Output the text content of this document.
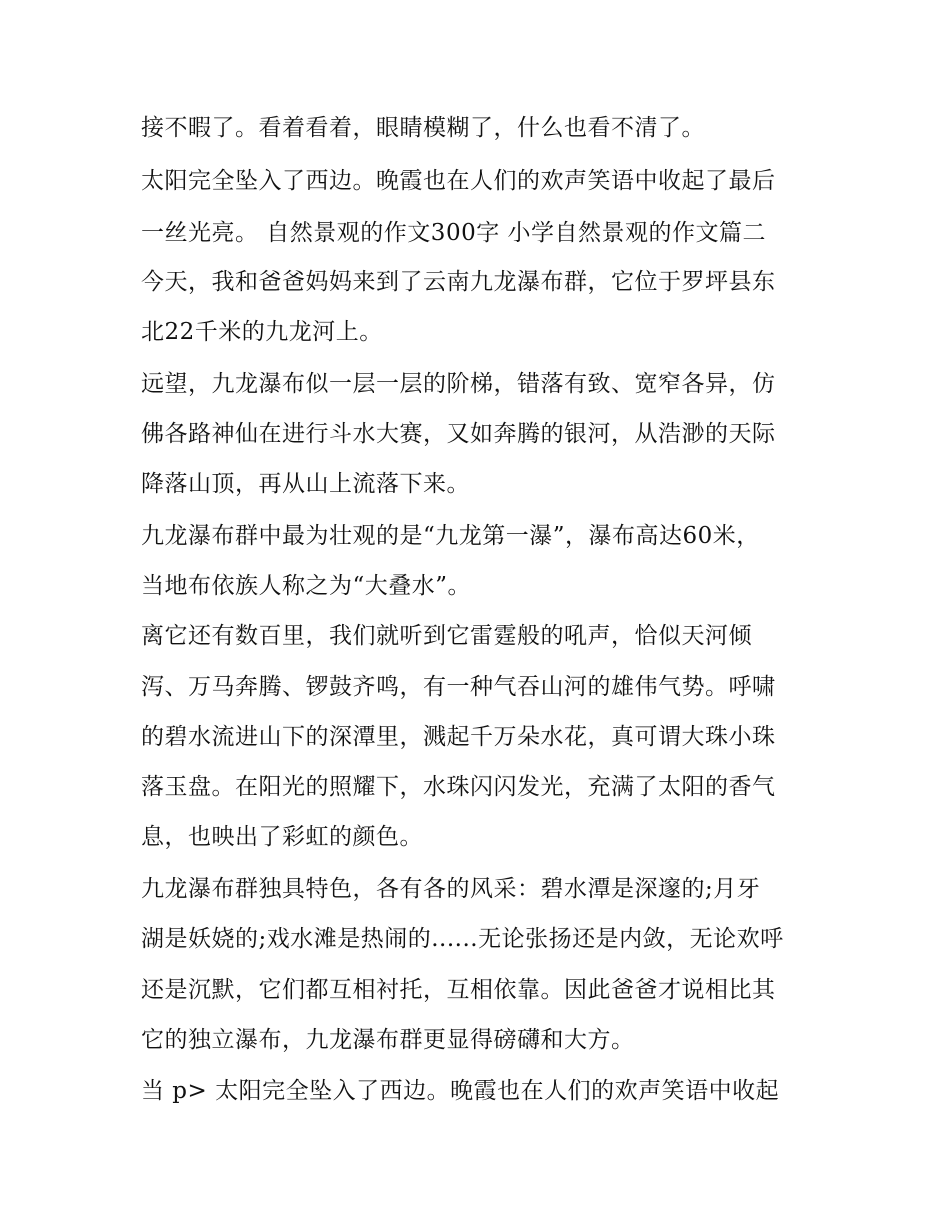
接不暇了。看着看着，眼睛模糊了，什么也看不清了。
太阳完全坠入了西边。晚霞也在人们的欢声笑语中收起了最后
一丝光亮。 自然景观的作文300字 小学自然景观的作文篇二
今天，我和爸爸妈妈来到了云南九龙瀑布群，它位于罗坪县东
北22千米的九龙河上。
远望，九龙瀑布似一层一层的阶梯，错落有致、宽窄各异，仿
佛各路神仙在进行斗水大赛，又如奔腾的银河，从浩渺的天际
降落山顶，再从山上流落下来。
九龙瀑布群中最为壮观的是“九龙第一瀑”，瀑布高达60米，
当地布依族人称之为“大叠水”。
离它还有数百里，我们就听到它雷霆般的吼声，恰似天河倾
泻、万马奔腾、锣鼓齐鸣，有一种气吞山河的雄伟气势。呼啸
的碧水流进山下的深潭里，溅起千万朵水花，真可谓大珠小珠
落玉盘。在阳光的照耀下，水珠闪闪发光，充满了太阳的香气
息，也映出了彩虹的颜色。
九龙瀑布群独具特色，各有各的风采：碧水潭是深邃的;月牙
湖是妖娆的;戏水滩是热闹的......无论张扬还是内敛，无论欢呼
还是沉默，它们都互相衬托，互相依靠。因此爸爸才说相比其
它的独立瀑布，九龙瀑布群更显得磅礴和大方。
当 p> 太阳完全坠入了西边。晚霞也在人们的欢声笑语中收起
